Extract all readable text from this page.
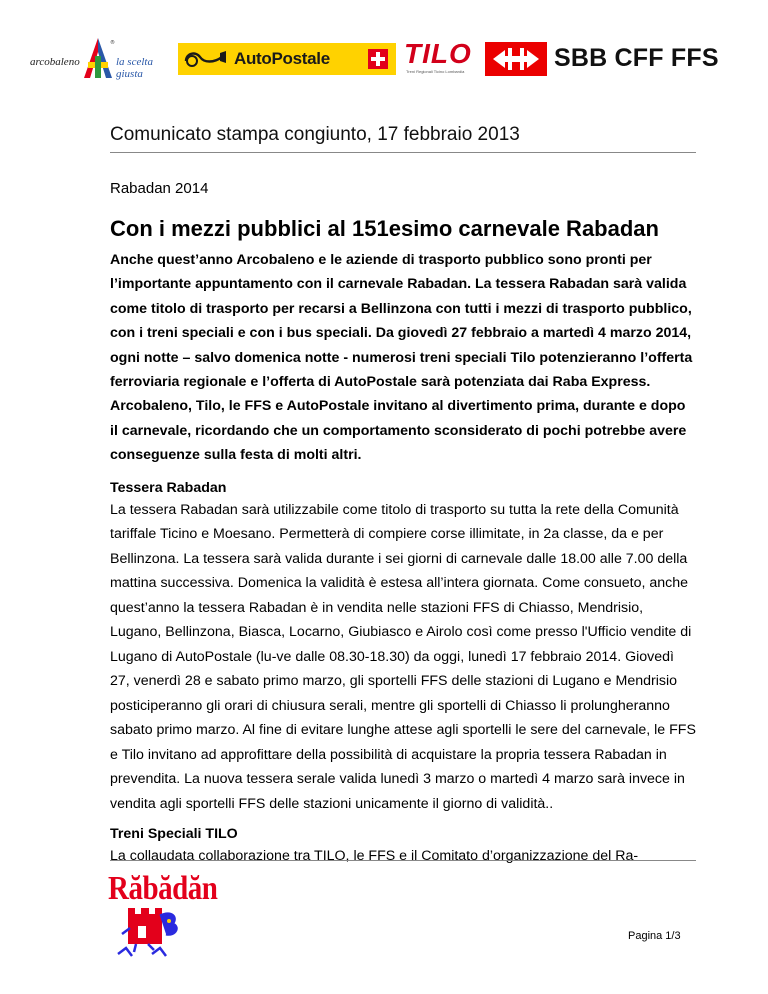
arcobaleno
®
la scelta giusta
AutoPostale	TILO
Treni Regionali Ticino Lombardia	SBB CFF FFS
Comunicato stampa congiunto, 17 febbraio 2013
Rabadan 2014
Con i mezzi pubblici al 151esimo carnevale Rabadan

Anche quest’anno Arcobaleno e le aziende di trasporto pubblico sono pronti per l’importante appuntamento con il carnevale Rabadan. La tessera Rabadan sarà valida come titolo di trasporto per recarsi a Bellinzona con tutti i mezzi di trasporto pubblico, con i treni speciali e con i bus speciali. Da giovedì 27 febbraio a martedì 4 marzo 2014, ogni notte – salvo domenica notte - numerosi treni speciali Tilo potenzieranno l’offerta ferroviaria regionale e l’offerta di AutoPostale sarà potenziata dai Raba Express. Arcobaleno, Tilo, le FFS e AutoPostale invitano al divertimento prima, durante e dopo il carnevale, ricordando che un comportamento sconsiderato di pochi potrebbe avere conseguenze sulla festa di molti altri.

Tessera Rabadan

La tessera Rabadan sarà utilizzabile come titolo di trasporto su tutta la rete della Comunità tariffale Ticino e Moesano. Permetterà di compiere corse illimitate, in 2a classe, da e per Bellinzona. La tessera sarà valida durante i sei giorni di carnevale dalle 18.00 alle 7.00 della mattina successiva. Domenica la validità è estesa all’intera giornata. Come consueto, anche quest’anno la tessera Rabadan è in vendita nelle stazioni FFS di Chiasso, Mendrisio, Lugano, Bellinzona, Biasca, Locarno, Giubiasco e Airolo così come presso l'Ufficio vendite di Lugano di AutoPostale (lu-ve dalle 08.30-18.30) da oggi, lunedì 17 febbraio 2014. Giovedì 27, venerdì 28 e sabato primo marzo, gli sportelli FFS delle stazioni di Lugano e Mendrisio posticiperanno gli orari di chiusura serali, mentre gli sportelli di Chiasso li prolungheranno sabato primo marzo. Al fine di evitare lunghe attese agli sportelli le sere del carnevale, le FFS e Tilo invitano ad approfittare della possibilità di acquistare la propria tessera Rabadan in prevendita. La nuova tessera serale valida lunedì 3 marzo o martedì 4 marzo sarà invece in vendita agli sportelli FFS delle stazioni unicamente il giorno di validità..

Treni Speciali TILO

La collaudata collaborazione tra TILO, le FFS e il Comitato d’organizzazione del Ra-

Răbădăn
Pagina 1/3
